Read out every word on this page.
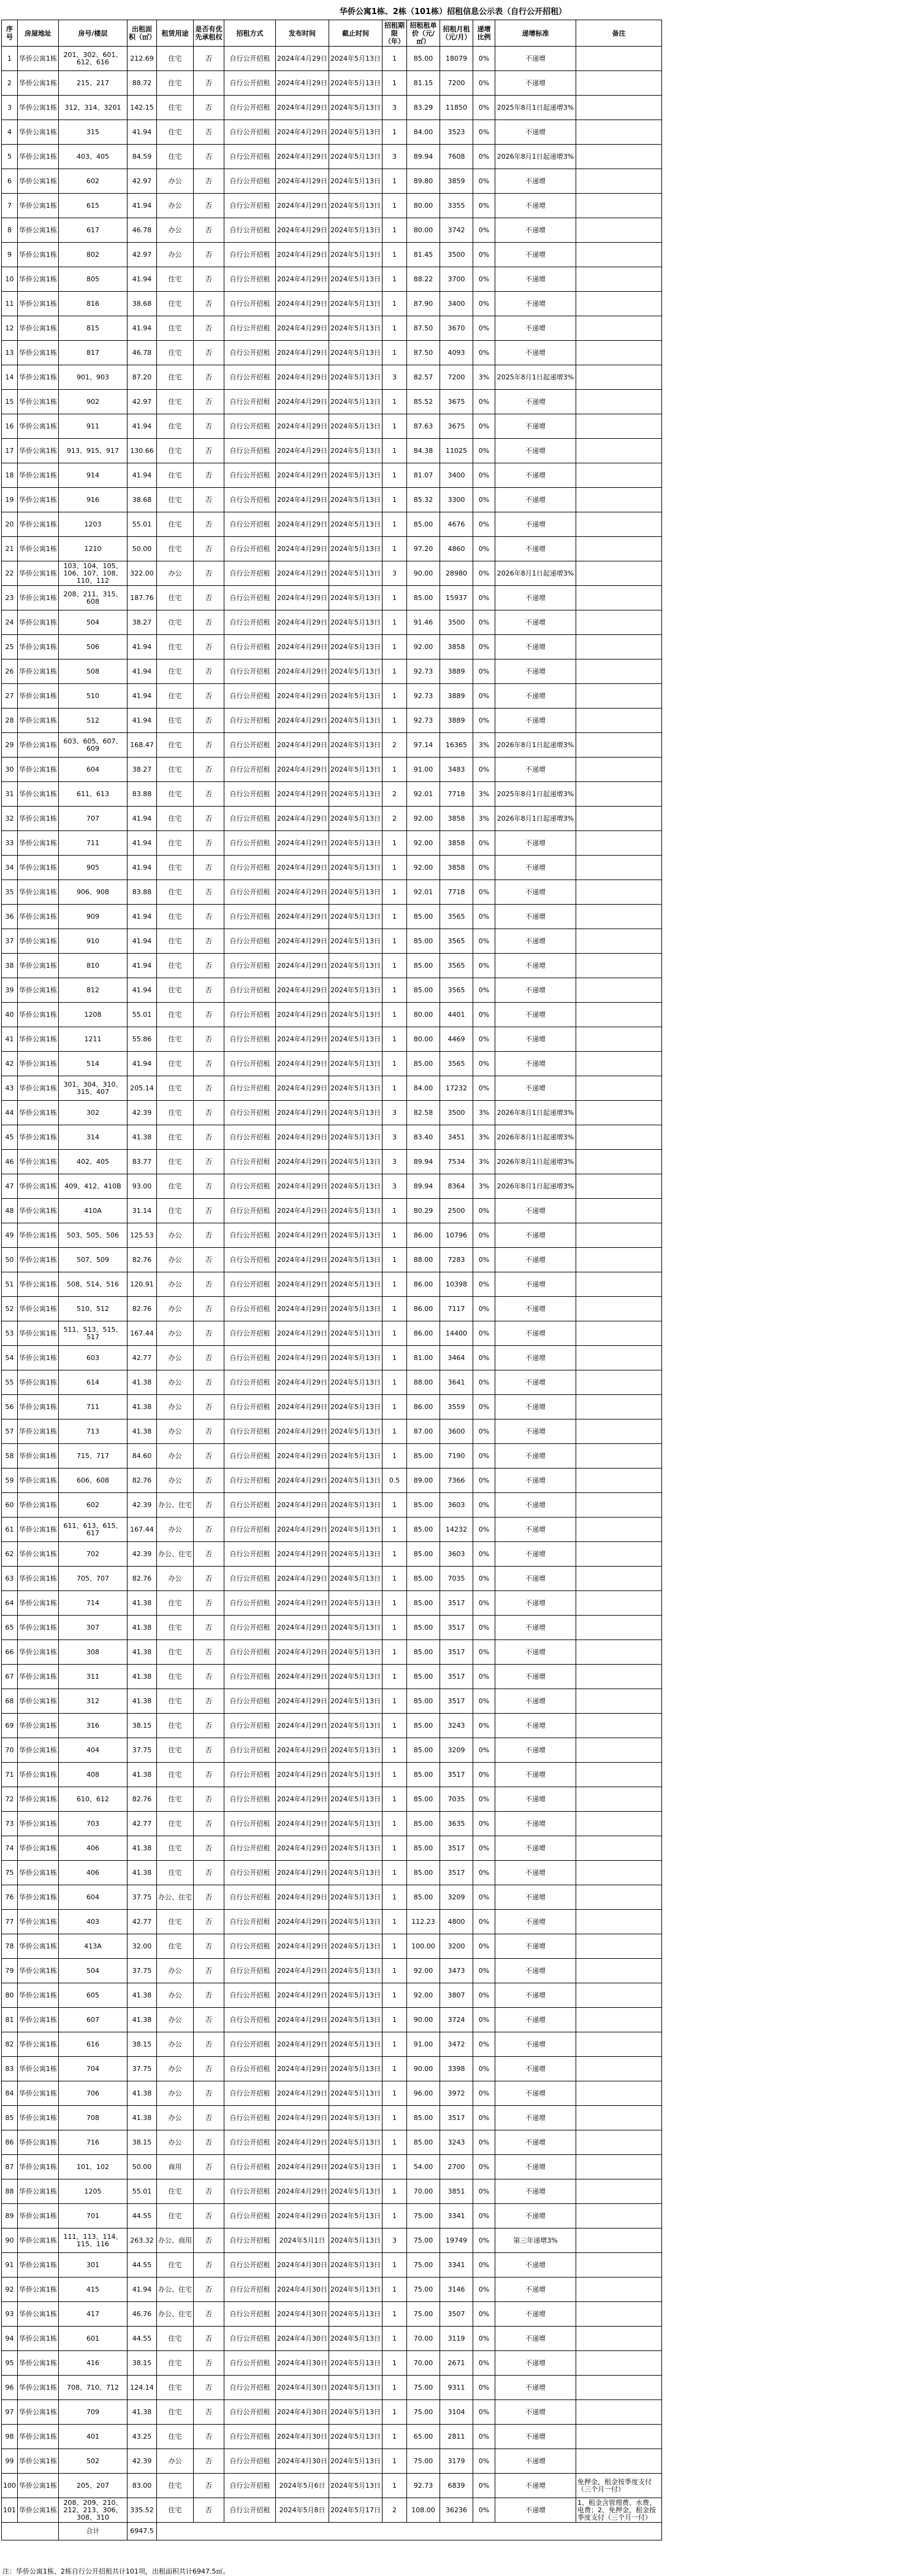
华侨公寓1栋、2栋（101栋）招租信息公示表（自行公开招租）
序号	房屋地址	房号/楼层	出租面积（㎡）	租赁用途	是否有优先承租权	招租方式	发布时间	截止时间	招租期限（年）	招租租单价（元/㎡）	招租月租（元/月）	递增比例	递增标准	备注
1	华侨公寓1栋	201、302、601、612、616	212.69	住宅	否	自行公开招租	2024年4月29日	2024年5月13日	1	85.00	18079	0%	不递增	
2	华侨公寓1栋	215、217	88.72	住宅	否	自行公开招租	2024年4月29日	2024年5月13日	1	81.15	7200	0%	不递增	
3	华侨公寓1栋	312、314、3201	142.15	住宅	否	自行公开招租	2024年4月29日	2024年5月13日	3	83.29	11850	0%	2025年8月1日起递增3%	
4	华侨公寓1栋	315	41.94	住宅	否	自行公开招租	2024年4月29日	2024年5月13日	1	84.00	3523	0%	不递增	
5	华侨公寓1栋	403、405	84.59	住宅	否	自行公开招租	2024年4月29日	2024年5月13日	3	89.94	7608	0%	2026年8月1日起递增3%	
6	华侨公寓1栋	602	42.97	办公	否	自行公开招租	2024年4月29日	2024年5月13日	1	89.80	3859	0%	不递增	
7	华侨公寓1栋	615	41.94	办公	否	自行公开招租	2024年4月29日	2024年5月13日	1	80.00	3355	0%	不递增	
8	华侨公寓1栋	617	46.78	办公	否	自行公开招租	2024年4月29日	2024年5月13日	1	80.00	3742	0%	不递增	
9	华侨公寓1栋	802	42.97	办公	否	自行公开招租	2024年4月29日	2024年5月13日	1	81.45	3500	0%	不递增	
10	华侨公寓1栋	805	41.94	住宅	否	自行公开招租	2024年4月29日	2024年5月13日	1	88.22	3700	0%	不递增	
11	华侨公寓1栋	816	38.68	住宅	否	自行公开招租	2024年4月29日	2024年5月13日	1	87.90	3400	0%	不递增	
12	华侨公寓1栋	815	41.94	住宅	否	自行公开招租	2024年4月29日	2024年5月13日	1	87.50	3670	0%	不递增	
13	华侨公寓1栋	817	46.78	住宅	否	自行公开招租	2024年4月29日	2024年5月13日	1	87.50	4093	0%	不递增	
14	华侨公寓1栋	901、903	87.20	住宅	否	自行公开招租	2024年4月29日	2024年5月13日	3	82.57	7200	3%	2025年8月1日起递增3%	
15	华侨公寓1栋	902	42.97	住宅	否	自行公开招租	2024年4月29日	2024年5月13日	1	85.52	3675	0%	不递增	
16	华侨公寓1栋	911	41.94	住宅	否	自行公开招租	2024年4月29日	2024年5月13日	1	87.63	3675	0%	不递增	
17	华侨公寓1栋	913、915、917	130.66	住宅	否	自行公开招租	2024年4月29日	2024年5月13日	1	84.38	11025	0%	不递增	
18	华侨公寓1栋	914	41.94	住宅	否	自行公开招租	2024年4月29日	2024年5月13日	1	81.07	3400	0%	不递增	
19	华侨公寓1栋	916	38.68	住宅	否	自行公开招租	2024年4月29日	2024年5月13日	1	85.32	3300	0%	不递增	
20	华侨公寓1栋	1203	55.01	住宅	否	自行公开招租	2024年4月29日	2024年5月13日	1	85.00	4676	0%	不递增	
21	华侨公寓1栋	1210	50.00	住宅	否	自行公开招租	2024年4月29日	2024年5月13日	1	97.20	4860	0%	不递增	
22	华侨公寓1栋	103、104、105、106、107、108、110、112	322.00	办公	否	自行公开招租	2024年4月29日	2024年5月13日	3	90.00	28980	0%	2026年8月1日起递增3%	
23	华侨公寓1栋	208、211、315、608	187.76	住宅	否	自行公开招租	2024年4月29日	2024年5月13日	1	85.00	15937	0%	不递增	
24	华侨公寓1栋	504	38.27	住宅	否	自行公开招租	2024年4月29日	2024年5月13日	1	91.46	3500	0%	不递增	
25	华侨公寓1栋	506	41.94	住宅	否	自行公开招租	2024年4月29日	2024年5月13日	1	92.00	3858	0%	不递增	
26	华侨公寓1栋	508	41.94	住宅	否	自行公开招租	2024年4月29日	2024年5月13日	1	92.73	3889	0%	不递增	
27	华侨公寓1栋	510	41.94	住宅	否	自行公开招租	2024年4月29日	2024年5月13日	1	92.73	3889	0%	不递增	
28	华侨公寓1栋	512	41.94	住宅	否	自行公开招租	2024年4月29日	2024年5月13日	1	92.73	3889	0%	不递增	
29	华侨公寓1栋	603、605、607、609	168.47	住宅	否	自行公开招租	2024年4月29日	2024年5月13日	2	97.14	16365	3%	2026年8月1日起递增3%	
30	华侨公寓1栋	604	38.27	住宅	否	自行公开招租	2024年4月29日	2024年5月13日	1	91.00	3483	0%	不递增	
31	华侨公寓1栋	611、613	83.88	住宅	否	自行公开招租	2024年4月29日	2024年5月13日	2	92.01	7718	3%	2025年8月1日起递增3%	
32	华侨公寓1栋	707	41.94	住宅	否	自行公开招租	2024年4月29日	2024年5月13日	2	92.00	3858	3%	2026年8月1日起递增3%	
33	华侨公寓1栋	711	41.94	住宅	否	自行公开招租	2024年4月29日	2024年5月13日	1	92.00	3858	0%	不递增	
34	华侨公寓1栋	905	41.94	住宅	否	自行公开招租	2024年4月29日	2024年5月13日	1	92.00	3858	0%	不递增	
35	华侨公寓1栋	906、908	83.88	住宅	否	自行公开招租	2024年4月29日	2024年5月13日	1	92.01	7718	0%	不递增	
36	华侨公寓1栋	909	41.94	住宅	否	自行公开招租	2024年4月29日	2024年5月13日	1	85.00	3565	0%	不递增	
37	华侨公寓1栋	910	41.94	住宅	否	自行公开招租	2024年4月29日	2024年5月13日	1	85.00	3565	0%	不递增	
38	华侨公寓1栋	810	41.94	住宅	否	自行公开招租	2024年4月29日	2024年5月13日	1	85.00	3565	0%	不递增	
39	华侨公寓1栋	812	41.94	住宅	否	自行公开招租	2024年4月29日	2024年5月13日	1	85.00	3565	0%	不递增	
40	华侨公寓1栋	1208	55.01	住宅	否	自行公开招租	2024年4月29日	2024年5月13日	1	80.00	4401	0%	不递增	
41	华侨公寓1栋	1211	55.86	住宅	否	自行公开招租	2024年4月29日	2024年5月13日	1	80.00	4469	0%	不递增	
42	华侨公寓1栋	514	41.94	住宅	否	自行公开招租	2024年4月29日	2024年5月13日	1	85.00	3565	0%	不递增	
43	华侨公寓1栋	301、304、310、315、407	205.14	住宅	否	自行公开招租	2024年4月29日	2024年5月13日	1	84.00	17232	0%	不递增	
44	华侨公寓1栋	302	42.39	住宅	否	自行公开招租	2024年4月29日	2024年5月13日	3	82.58	3500	3%	2026年8月1日起递增3%	
45	华侨公寓1栋	314	41.38	住宅	否	自行公开招租	2024年4月29日	2024年5月13日	3	83.40	3451	3%	2026年8月1日起递增3%	
46	华侨公寓1栋	402、405	83.77	住宅	否	自行公开招租	2024年4月29日	2024年5月13日	3	89.94	7534	3%	2026年8月1日起递增3%	
47	华侨公寓1栋	409、412、410B	93.00	住宅	否	自行公开招租	2024年4月29日	2024年5月13日	3	89.94	8364	3%	2026年8月1日起递增3%	
48	华侨公寓1栋	410A	31.14	住宅	否	自行公开招租	2024年4月29日	2024年5月13日	1	80.29	2500	0%	不递增	
49	华侨公寓1栋	503、505、506	125.53	办公	否	自行公开招租	2024年4月29日	2024年5月13日	1	86.00	10796	0%	不递增	
50	华侨公寓1栋	507、509	82.76	办公	否	自行公开招租	2024年4月29日	2024年5月13日	1	88.00	7283	0%	不递增	
51	华侨公寓1栋	508、514、516	120.91	办公	否	自行公开招租	2024年4月29日	2024年5月13日	1	86.00	10398	0%	不递增	
52	华侨公寓1栋	510、512	82.76	办公	否	自行公开招租	2024年4月29日	2024年5月13日	1	86.00	7117	0%	不递增	
53	华侨公寓1栋	511、513、515、517	167.44	办公	否	自行公开招租	2024年4月29日	2024年5月13日	1	86.00	14400	0%	不递增	
54	华侨公寓1栋	603	42.77	办公	否	自行公开招租	2024年4月29日	2024年5月13日	1	81.00	3464	0%	不递增	
55	华侨公寓1栋	614	41.38	办公	否	自行公开招租	2024年4月29日	2024年5月13日	1	88.00	3641	0%	不递增	
56	华侨公寓1栋	711	41.38	办公	否	自行公开招租	2024年4月29日	2024年5月13日	1	86.00	3559	0%	不递增	
57	华侨公寓1栋	713	41.38	办公	否	自行公开招租	2024年4月29日	2024年5月13日	1	87.00	3600	0%	不递增	
58	华侨公寓1栋	715、717	84.60	办公	否	自行公开招租	2024年4月29日	2024年5月13日	1	85.00	7190	0%	不递增	
59	华侨公寓1栋	606、608	82.76	办公	否	自行公开招租	2024年4月29日	2024年5月13日	0.5	89.00	7366	0%	不递增	
60	华侨公寓1栋	602	42.39	办公、住宅	否	自行公开招租	2024年4月29日	2024年5月13日	1	85.00	3603	0%	不递增	
61	华侨公寓1栋	611、613、615、617	167.44	办公	否	自行公开招租	2024年4月29日	2024年5月13日	1	85.00	14232	0%	不递增	
62	华侨公寓1栋	702	42.39	办公、住宅	否	自行公开招租	2024年4月29日	2024年5月13日	1	85.00	3603	0%	不递增	
63	华侨公寓1栋	705、707	82.76	办公	否	自行公开招租	2024年4月29日	2024年5月13日	1	85.00	7035	0%	不递增	
64	华侨公寓1栋	714	41.38	住宅	否	自行公开招租	2024年4月29日	2024年5月13日	1	85.00	3517	0%	不递增	
65	华侨公寓1栋	307	41.38	住宅	否	自行公开招租	2024年4月29日	2024年5月13日	1	85.00	3517	0%	不递增	
66	华侨公寓1栋	308	41.38	住宅	否	自行公开招租	2024年4月29日	2024年5月13日	1	85.00	3517	0%	不递增	
67	华侨公寓1栋	311	41.38	住宅	否	自行公开招租	2024年4月29日	2024年5月13日	1	85.00	3517	0%	不递增	
68	华侨公寓1栋	312	41.38	住宅	否	自行公开招租	2024年4月29日	2024年5月13日	1	85.00	3517	0%	不递增	
69	华侨公寓1栋	316	38.15	住宅	否	自行公开招租	2024年4月29日	2024年5月13日	1	85.00	3243	0%	不递增	
70	华侨公寓1栋	404	37.75	住宅	否	自行公开招租	2024年4月29日	2024年5月13日	1	85.00	3209	0%	不递增	
71	华侨公寓1栋	408	41.38	住宅	否	自行公开招租	2024年4月29日	2024年5月13日	1	85.00	3517	0%	不递增	
72	华侨公寓1栋	610、612	82.76	住宅	否	自行公开招租	2024年4月29日	2024年5月13日	1	85.00	7035	0%	不递增	
73	华侨公寓1栋	703	42.77	住宅	否	自行公开招租	2024年4月29日	2024年5月13日	1	85.00	3635	0%	不递增	
74	华侨公寓1栋	406	41.38	住宅	否	自行公开招租	2024年4月29日	2024年5月13日	1	85.00	3517	0%	不递增	
75	华侨公寓1栋	406	41.38	住宅	否	自行公开招租	2024年4月29日	2024年5月13日	1	85.00	3517	0%	不递增	
76	华侨公寓1栋	604	37.75	办公、住宅	否	自行公开招租	2024年4月29日	2024年5月13日	1	85.00	3209	0%	不递增	
77	华侨公寓1栋	403	42.77	住宅	否	自行公开招租	2024年4月29日	2024年5月13日	1	112.23	4800	0%	不递增	
78	华侨公寓1栋	413A	32.00	住宅	否	自行公开招租	2024年4月29日	2024年5月13日	1	100.00	3200	0%	不递增	
79	华侨公寓1栋	504	37.75	办公	否	自行公开招租	2024年4月29日	2024年5月13日	1	92.00	3473	0%	不递增	
80	华侨公寓1栋	605	41.38	办公	否	自行公开招租	2024年4月29日	2024年5月13日	1	92.00	3807	0%	不递增	
81	华侨公寓1栋	607	41.38	办公	否	自行公开招租	2024年4月29日	2024年5月13日	1	90.00	3724	0%	不递增	
82	华侨公寓1栋	616	38.15	办公	否	自行公开招租	2024年4月29日	2024年5月13日	1	91.00	3472	0%	不递增	
83	华侨公寓1栋	704	37.75	办公	否	自行公开招租	2024年4月29日	2024年5月13日	1	90.00	3398	0%	不递增	
84	华侨公寓1栋	706	41.38	办公	否	自行公开招租	2024年4月29日	2024年5月13日	1	96.00	3972	0%	不递增	
85	华侨公寓1栋	708	41.38	办公	否	自行公开招租	2024年4月29日	2024年5月13日	1	85.00	3517	0%	不递增	
86	华侨公寓1栋	716	38.15	办公	否	自行公开招租	2024年4月29日	2024年5月13日	1	85.00	3243	0%	不递增	
87	华侨公寓1栋	101、102	50.00	商用	否	自行公开招租	2024年4月29日	2024年5月13日	1	54.00	2700	0%	不递增	
88	华侨公寓1栋	1205	55.01	住宅	否	自行公开招租	2024年4月29日	2024年5月13日	1	70.00	3851	0%	不递增	
89	华侨公寓1栋	701	44.55	住宅	否	自行公开招租	2024年4月29日	2024年5月13日	1	75.00	3341	0%	不递增	
90	华侨公寓1栋	111、113、114、115、116	263.32	办公、商用	否	自行公开招租	2024年5月1日	2024年5月13日	3	75.00	19749	0%	第三年递增3%	
91	华侨公寓1栋	301	44.55	住宅	否	自行公开招租	2024年4月30日	2024年5月13日	1	75.00	3341	0%	不递增	
92	华侨公寓1栋	415	41.94	办公、住宅	否	自行公开招租	2024年4月30日	2024年5月13日	1	75.00	3146	0%	不递增	
93	华侨公寓1栋	417	46.76	办公、住宅	否	自行公开招租	2024年4月30日	2024年5月13日	1	75.00	3507	0%	不递增	
94	华侨公寓1栋	601	44.55	住宅	否	自行公开招租	2024年4月30日	2024年5月13日	1	70.00	3119	0%	不递增	
95	华侨公寓1栋	416	38.15	住宅	否	自行公开招租	2024年4月30日	2024年5月13日	1	70.00	2671	0%	不递增	
96	华侨公寓1栋	708、710、712	124.14	住宅	否	自行公开招租	2024年4月30日	2024年5月13日	1	75.00	9311	0%	不递增	
97	华侨公寓1栋	709	41.38	住宅	否	自行公开招租	2024年4月30日	2024年5月13日	1	75.00	3104	0%	不递增	
98	华侨公寓1栋	401	43.25	住宅	否	自行公开招租	2024年4月30日	2024年5月13日	1	65.00	2811	0%	不递增	
99	华侨公寓1栋	502	42.39	办公	否	自行公开招租	2024年4月30日	2024年5月13日	1	75.00	3179	0%	不递增	
100	华侨公寓1栋	205、207	83.00	住宅	否	自行公开招租	2024年5月6日	2024年5月13日	1	92.73	6839	0%	不递增	免押金，租金按季度支付（三个月一付）
101	华侨公寓1栋	208、209、210、212、213、306、308、310	335.52	住宅	否	自行公开招租	2024年5月8日	2024年5月17日	2	108.00	36236	0%	不递增	1、租金含管理费、水费、电费；2、免押金，租金按季度支付（三个月一付）
		合计	6947.5											
注：华侨公寓1栋、2栋自行公开招租共计101项，出租面积共计6947.5㎡。
